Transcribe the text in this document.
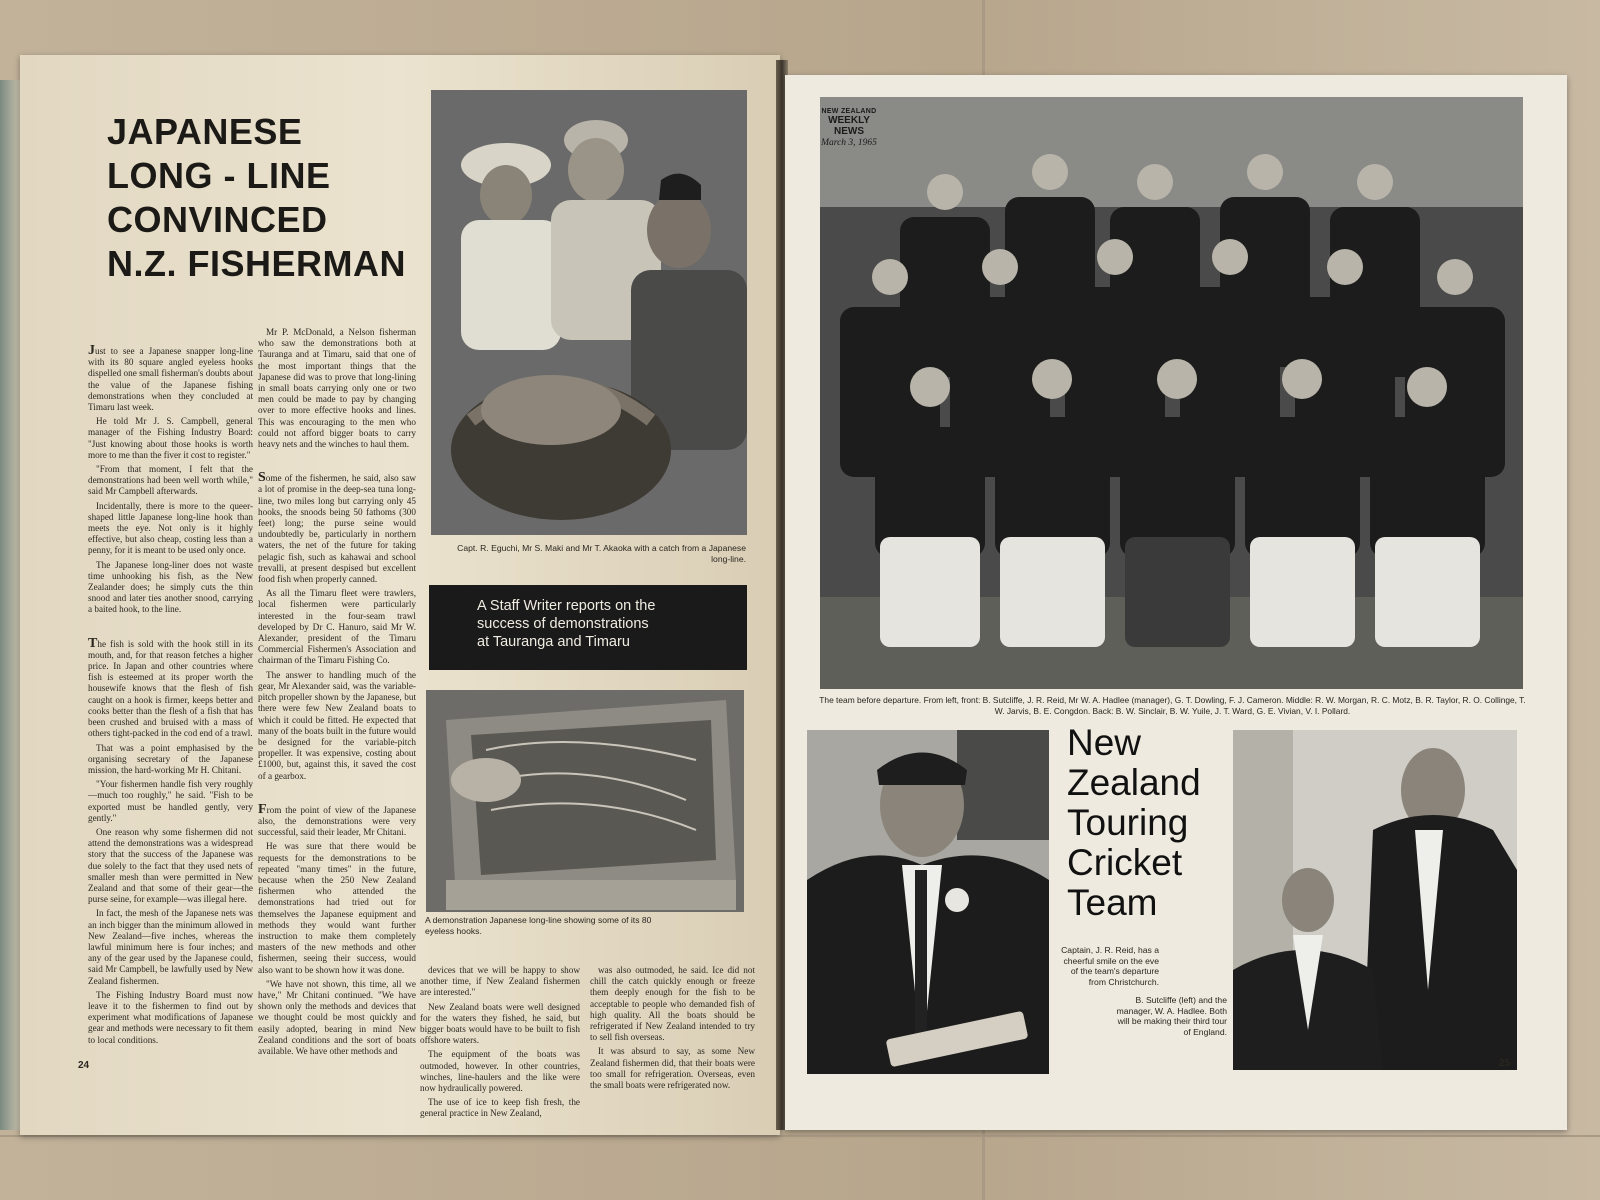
JAPANESE
LONG - LINE
CONVINCED
N.Z. FISHERMAN

Just to see a Japanese snapper long-line with its 80 square angled eyeless hooks dispelled one small fisherman's doubts about the value of the Japanese fishing demonstrations when they concluded at Timaru last week.

He told Mr J. S. Campbell, general manager of the Fishing Industry Board: "Just knowing about those hooks is worth more to me than the fiver it cost to register."

"From that moment, I felt that the demonstrations had been well worth while," said Mr Campbell afterwards.

Incidentally, there is more to the queer-shaped little Japanese long-line hook than meets the eye. Not only is it highly effective, but also cheap, costing less than a penny, for it is meant to be used only once.

The Japanese long-liner does not waste time unhooking his fish, as the New Zealander does; he simply cuts the thin snood and later ties another snood, carrying a baited hook, to the line.

The fish is sold with the hook still in its mouth, and, for that reason fetches a higher price. In Japan and other countries where fish is esteemed at its proper worth the housewife knows that the flesh of fish caught on a hook is firmer, keeps better and cooks better than the flesh of a fish that has been crushed and bruised with a mass of others tight-packed in the cod end of a trawl.

That was a point emphasised by the organising secretary of the Japanese mission, the hard-working Mr H. Chitani.

"Your fishermen handle fish very roughly—much too roughly," he said. "Fish to be exported must be handled gently, very gently."

One reason why some fishermen did not attend the demonstrations was a widespread story that the success of the Japanese was due solely to the fact that they used nets of smaller mesh than were permitted in New Zealand and that some of their gear—the purse seine, for example—was illegal here.

In fact, the mesh of the Japanese nets was an inch bigger than the minimum allowed in New Zealand—five inches, whereas the lawful minimum here is four inches; and any of the gear used by the Japanese could, said Mr Campbell, be lawfully used by New Zealand fishermen.

The Fishing Industry Board must now leave it to the fishermen to find out by experiment what modifications of Japanese gear and methods were necessary to fit them to local conditions.

Mr P. McDonald, a Nelson fisherman who saw the demonstrations both at Tauranga and at Timaru, said that one of the most important things that the Japanese did was to prove that long-lining in small boats carrying only one or two men could be made to pay by changing over to more effective hooks and lines. This was encouraging to the men who could not afford bigger boats to carry heavy nets and the winches to haul them.

Some of the fishermen, he said, also saw a lot of promise in the deep-sea tuna long-line, two miles long but carrying only 45 hooks, the snoods being 50 fathoms (300 feet) long; the purse seine would undoubtedly be, particularly in northern waters, the net of the future for taking pelagic fish, such as kahawai and school trevalli, at present despised but excellent food fish when properly canned.

As all the Timaru fleet were trawlers, local fishermen were particularly interested in the four-seam trawl developed by Dr C. Hanuro, said Mr W. Alexander, president of the Timaru Commercial Fishermen's Association and chairman of the Timaru Fishing Co.

The answer to handling much of the gear, Mr Alexander said, was the variable-pitch propeller shown by the Japanese, but there were few New Zealand boats to which it could be fitted. He expected that many of the boats built in the future would be designed for the variable-pitch propeller. It was expensive, costing about £1000, but, against this, it saved the cost of a gearbox.

From the point of view of the Japanese also, the demonstrations were very successful, said their leader, Mr Chitani.

He was sure that there would be requests for the demonstrations to be repeated "many times" in the future, because when the 250 New Zealand fishermen who attended the demonstrations had tried out for themselves the Japanese equipment and methods they would want further instruction to make them completely masters of the new methods and other fishermen, seeing their success, would also want to be shown how it was done.

"We have not shown, this time, all we have," Mr Chitani continued. "We have shown only the methods and devices that we thought could be most quickly and easily adopted, bearing in mind New Zealand conditions and the sort of boats available. We have other methods and

Capt. R. Eguchi, Mr S. Maki and Mr T. Akaoka with a catch from a Japanese long-line.
A Staff Writer reports on the
success of demonstrations
at Tauranga and Timaru
A demonstration Japanese long-line showing some of its 80 eyeless hooks.

devices that we will be happy to show another time, if New Zealand fishermen are interested."

New Zealand boats were well designed for the waters they fished, he said, but bigger boats would have to be built to fish offshore waters.

The equipment of the boats was outmoded, however. In other countries, winches, line-haulers and the like were now hydraulically powered.

The use of ice to keep fish fresh, the general practice in New Zealand,

was also outmoded, he said. Ice did not chill the catch quickly enough or freeze them deeply enough for the fish to be acceptable to people who demanded fish of high quality. All the boats should be refrigerated if New Zealand intended to try to sell fish overseas.

It was absurd to say, as some New Zealand fishermen did, that their boats were too small for refrigeration. Overseas, even the small boats were refrigerated now.

24
NEW ZEALAND
WEEKLY
NEWS
March 3, 1965
The team before departure. From left, front: B. Sutcliffe, J. R. Reid, Mr W. A. Hadlee (manager), G. T. Dowling, F. J. Cameron. Middle: R. W. Morgan, R. C. Motz, B. R. Taylor, R. O. Collinge, T. W. Jarvis, B. E. Congdon. Back: B. W. Sinclair, B. W. Yuile, J. T. Ward, G. E. Vivian, V. I. Pollard.
New
Zealand
Touring
Cricket
Team
Captain, J. R. Reid, has a cheerful smile on the eve of the team's departure from Christchurch.
B. Sutcliffe (left) and the manager, W. A. Hadlee. Both will be making their third tour of England.
25
